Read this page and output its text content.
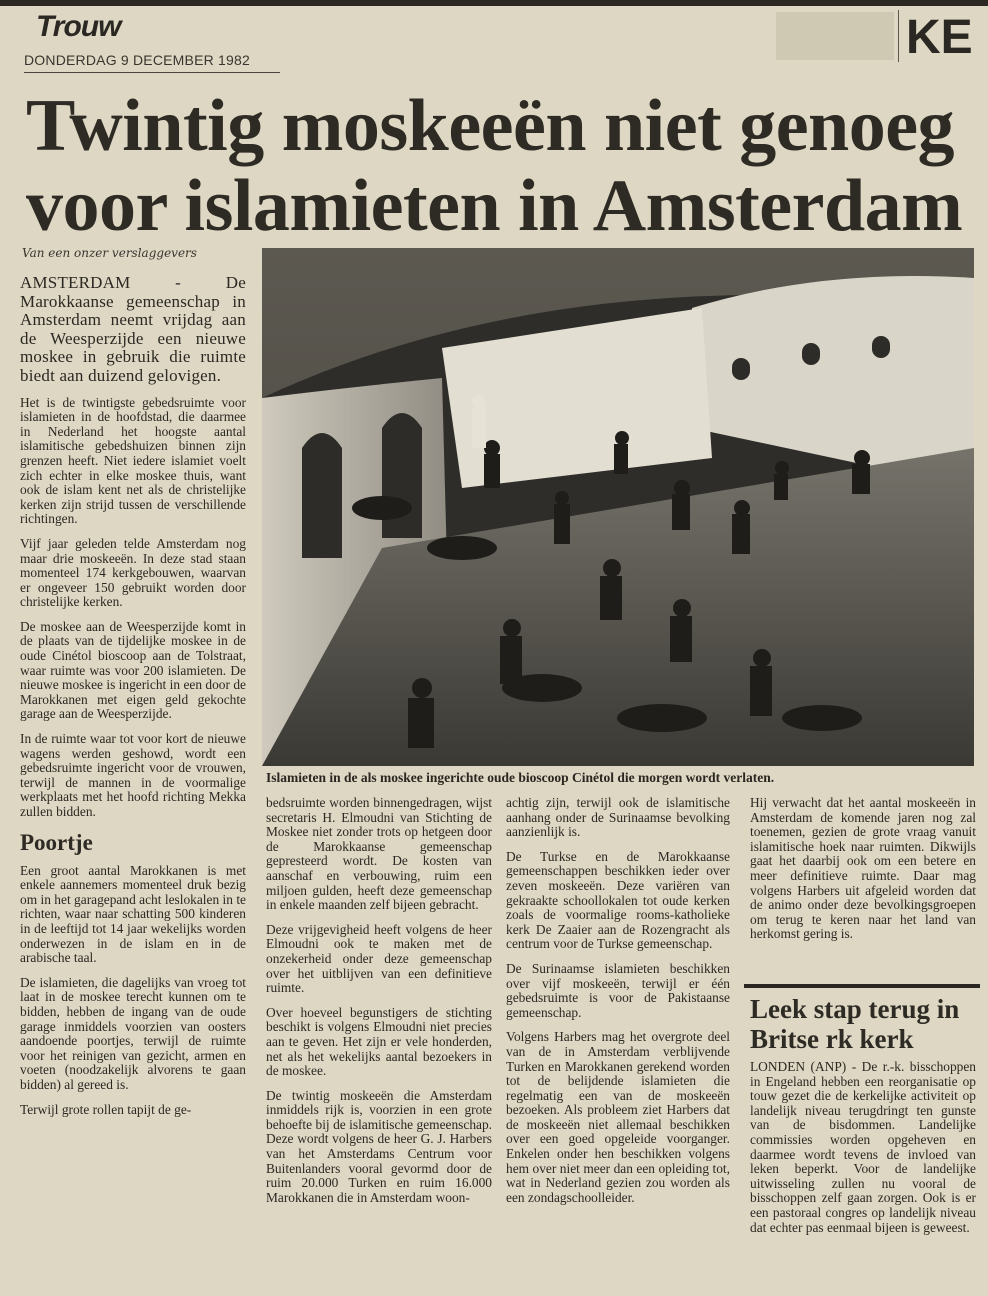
Trouw
DONDERDAG 9 DECEMBER 1982	KE
Twintig moskeeën niet genoeg
voor islamieten in Amsterdam
Van een onzer verslaggevers

AMSTERDAM - De Marokkaanse gemeenschap in Amsterdam neemt vrijdag aan de Weesperzijde een nieuwe moskee in gebruik die ruimte biedt aan duizend gelovigen.

Het is de twintigste gebedsruimte voor islamieten in de hoofdstad, die daarmee in Nederland het hoogste aantal islamitische gebedshuizen binnen zijn grenzen heeft. Niet iedere islamiet voelt zich echter in elke moskee thuis, want ook de islam kent net als de christelijke kerken zijn strijd tussen de verschillende richtingen.

Vijf jaar geleden telde Amsterdam nog maar drie moskeeën. In deze stad staan momenteel 174 kerkgebouwen, waarvan er ongeveer 150 gebruikt worden door christelijke kerken.

De moskee aan de Weesperzijde komt in de plaats van de tijdelijke moskee in de oude Cinétol bioscoop aan de Tolstraat, waar ruimte was voor 200 islamieten. De nieuwe moskee is ingericht in een door de Marokkanen met eigen geld gekochte garage aan de Weesperzijde.

In de ruimte waar tot voor kort de nieuwe wagens werden geshowd, wordt een gebedsruimte ingericht voor de vrouwen, terwijl de mannen in de voormalige werkplaats met het hoofd richting Mekka zullen bidden.

Poortje

Een groot aantal Marokkanen is met enkele aannemers momenteel druk bezig om in het garagepand acht leslokalen in te richten, waar naar schatting 500 kinderen in de leeftijd tot 14 jaar wekelijks worden onderwezen in de islam en in de arabische taal.

De islamieten, die dagelijks van vroeg tot laat in de moskee terecht kunnen om te bidden, hebben de ingang van de oude garage inmiddels voorzien van oosters aandoende poortjes, terwijl de ruimte voor het reinigen van gezicht, armen en voeten (noodzakelijk alvorens te gaan bidden) al gereed is.

Terwijl grote rollen tapijt de ge-

Islamieten in de als moskee ingerichte oude bioscoop Cinétol die morgen wordt verlaten.

bedsruimte worden binnengedragen, wijst secretaris H. Elmoudni van Stichting de Moskee niet zonder trots op hetgeen door de Marokkaanse gemeenschap gepresteerd wordt. De kosten van aanschaf en verbouwing, ruim een miljoen gulden, heeft deze gemeenschap in enkele maanden zelf bijeen gebracht.

Deze vrijgevigheid heeft volgens de heer Elmoudni ook te maken met de onzekerheid onder deze gemeenschap over het uitblijven van een definitieve ruimte.

Over hoeveel begunstigers de stichting beschikt is volgens Elmoudni niet precies aan te geven. Het zijn er vele honderden, net als het wekelijks aantal bezoekers in de moskee.

De twintig moskeeën die Amsterdam inmiddels rijk is, voorzien in een grote behoefte bij de islamitische gemeenschap. Deze wordt volgens de heer G. J. Harbers van het Amsterdams Centrum voor Buitenlanders vooral gevormd door de ruim 20.000 Turken en ruim 16.000 Marokkanen die in Amsterdam woon-

achtig zijn, terwijl ook de islamitische aanhang onder de Surinaamse bevolking aanzienlijk is.

De Turkse en de Marokkaanse gemeenschappen beschikken ieder over zeven moskeeën. Deze variëren van gekraakte schoollokalen tot oude kerken zoals de voormalige rooms-katholieke kerk De Zaaier aan de Rozengracht als centrum voor de Turkse gemeenschap.

De Surinaamse islamieten beschikken over vijf moskeeën, terwijl er één gebedsruimte is voor de Pakistaanse gemeenschap.

Volgens Harbers mag het overgrote deel van de in Amsterdam verblijvende Turken en Marokkanen gerekend worden tot de belijdende islamieten die regelmatig een van de moskeeën bezoeken. Als probleem ziet Harbers dat de moskeeën niet allemaal beschikken over een goed opgeleide voorganger. Enkelen onder hen beschikken volgens hem over niet meer dan een opleiding tot, wat in Nederland gezien zou worden als een zondagschoolleider.

Hij verwacht dat het aantal moskeeën in Amsterdam de komende jaren nog zal toenemen, gezien de grote vraag vanuit islamitische hoek naar ruimten. Dikwijls gaat het daarbij ook om een betere en meer definitieve ruimte. Daar mag volgens Harbers uit afgeleid worden dat de animo onder deze bevolkingsgroepen om terug te keren naar het land van herkomst gering is.

Leek stap terug in Britse rk kerk

LONDEN (ANP) - De r.-k. bisschoppen in Engeland hebben een reorganisatie op touw gezet die de kerkelijke activiteit op landelijk niveau terugdringt ten gunste van de bisdommen. Landelijke commissies worden opgeheven en daarmee wordt tevens de invloed van leken beperkt. Voor de landelijke uitwisseling zullen nu vooral de bisschoppen zelf gaan zorgen. Ook is er een pastoraal congres op landelijk niveau dat echter pas eenmaal bijeen is geweest.
